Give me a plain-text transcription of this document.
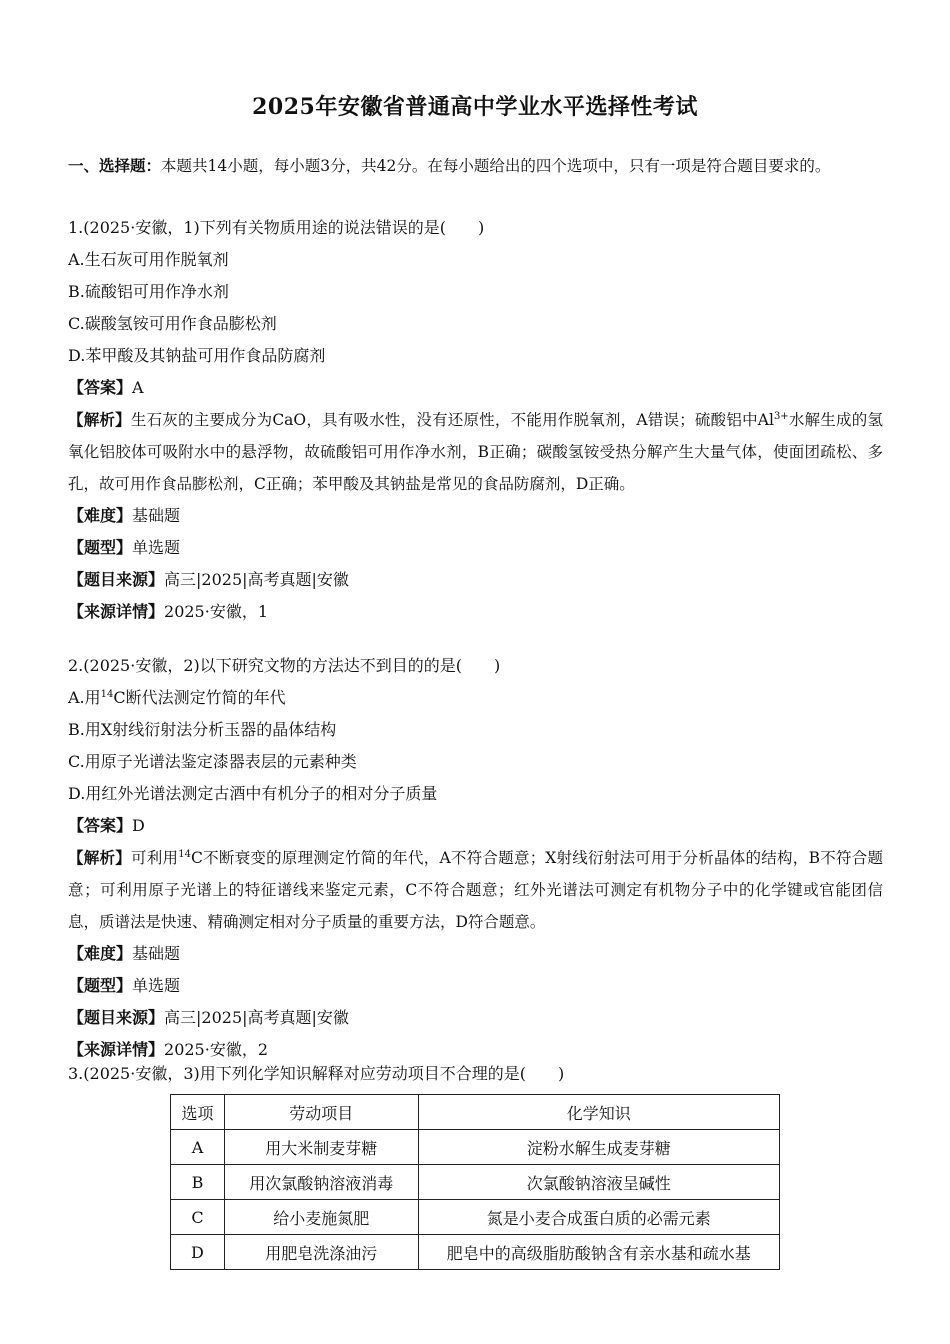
2025年安徽省普通高中学业水平选择性考试
一、选择题：本题共14小题，每小题3分，共42分。在每小题给出的四个选项中，只有一项是符合题目要求的。
1.(2025·安徽，1)下列有关物质用途的说法错误的是(　　)
A.生石灰可用作脱氧剂
B.硫酸铝可用作净水剂
C.碳酸氢铵可用作食品膨松剂
D.苯甲酸及其钠盐可用作食品防腐剂
【答案】A
【解析】生石灰的主要成分为CaO，具有吸水性，没有还原性，不能用作脱氧剂，A错误；硫酸铝中$Al^{3+}$水解生成的氢氧化铝胶体可吸附水中的悬浮物，故硫酸铝可用作净水剂，B正确；碳酸氢铵受热分解产生大量气体，使面团疏松、多孔，故可用作食品膨松剂，C正确；苯甲酸及其钠盐是常见的食品防腐剂，D正确。
【难度】基础题
【题型】单选题
【题目来源】高三|2025|高考真题|安徽
【来源详情】2025·安徽，1
2.(2025·安徽，2)以下研究文物的方法达不到目的的是(　　)
A.用$^{14}$C断代法测定竹简的年代
B.用X射线衍射法分析玉器的晶体结构
C.用原子光谱法鉴定漆器表层的元素种类
D.用红外光谱法测定古酒中有机分子的相对分子质量
【答案】D
【解析】可利用$^{14}$C不断衰变的原理测定竹简的年代，A不符合题意；X射线衍射法可用于分析晶体的结构，B不符合题意；可利用原子光谱上的特征谱线来鉴定元素，C不符合题意；红外光谱法可测定有机物分子中的化学键或官能团信息，质谱法是快速、精确测定相对分子质量的重要方法，D符合题意。
【难度】基础题
【题型】单选题
【题目来源】高三|2025|高考真题|安徽
【来源详情】2025·安徽，2
3.(2025·安徽，3)用下列化学知识解释对应劳动项目不合理的是(　　)
选项	劳动项目	化学知识
A	用大米制麦芽糖	淀粉水解生成麦芽糖
B	用次氯酸钠溶液消毒	次氯酸钠溶液呈碱性
C	给小麦施氮肥	氮是小麦合成蛋白质的必需元素
D	用肥皂洗涤油污	肥皂中的高级脂肪酸钠含有亲水基和疏水基
